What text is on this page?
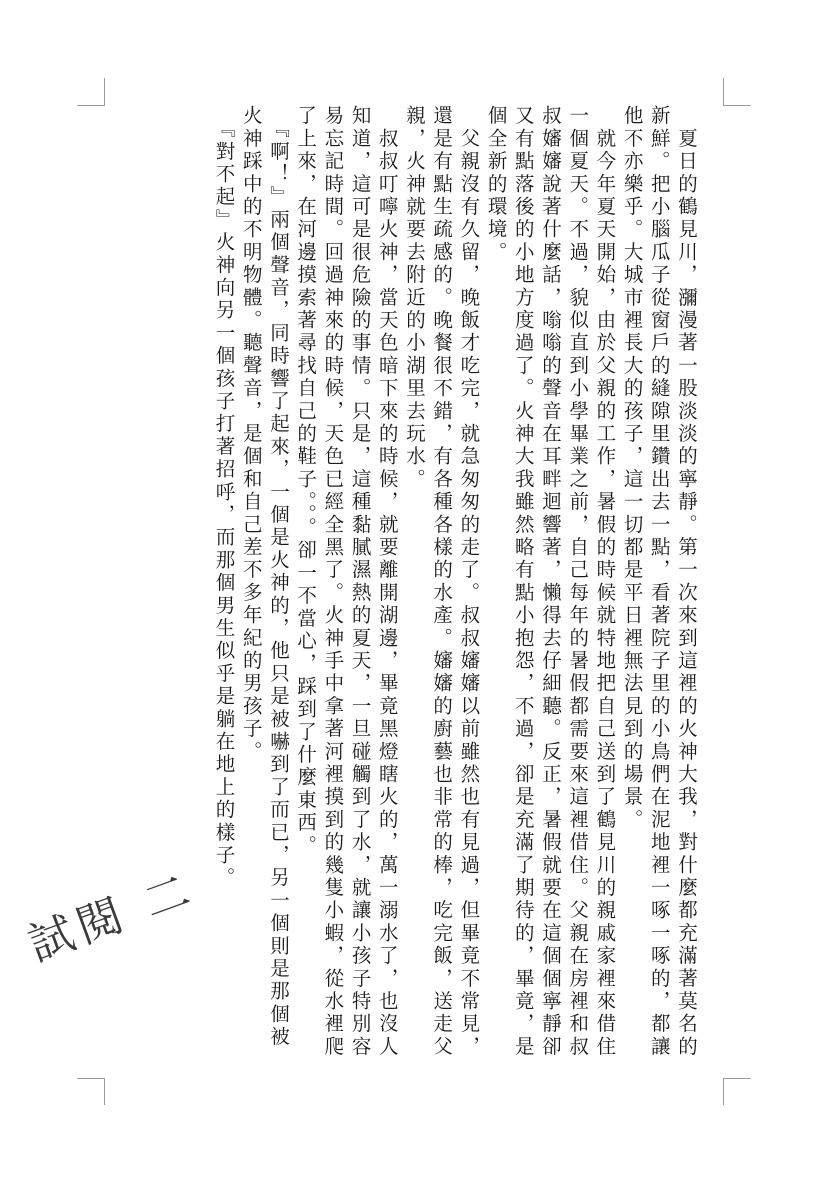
　夏日的鶴見川，瀰漫著一股淡淡的寧靜。第一次來到這裡的火神大我，對什麼都充滿著莫名的新鮮。把小腦瓜子從窗戶的縫隙里鑽出去一點，看著院子里的小鳥們在泥地裡一啄一啄的，都讓他不亦樂乎。大城市裡長大的孩子，這一切都是平日裡無法見到的場景。

　就今年夏天開始，由於父親的工作，暑假的時候就特地把自己送到了鶴見川的親戚家裡來借住一個夏天。不過，貌似直到小學畢業之前，自己每年的暑假都需要來這裡借住。父親在房裡和叔叔嬸嬸說著什麼話，嗡嗡的聲音在耳畔迴響著，懶得去仔細聽。反正，暑假就要在這個個寧靜卻又有點落後的小地方度過了。火神大我雖然略有點小抱怨，不過，卻是充滿了期待的，畢竟，是個全新的環境。

　父親沒有久留，晚飯才吃完，就急匆匆的走了。叔叔嬸嬸以前雖然也有見過，但畢竟不常見，還是有點生疏感的。晚餐很不錯，有各種各樣的水產。嬸嬸的廚藝也非常的棒，吃完飯，送走父親，火神就要去附近的小湖里去玩水。

　叔叔叮嚀火神，當天色暗下來的時候，就要離開湖邊，畢竟黑燈瞎火的，萬一溺水了，也沒人知道，這可是很危險的事情。只是，這種黏膩濕熱的夏天，一旦碰觸到了水，就讓小孩子特別容易忘記時間。回過神來的時候，天色已經全黑了。火神手中拿著河裡摸到的幾隻小蝦，從水裡爬了上來，在河邊摸索著尋找自己的鞋子。。。卻一不當心，踩到了什麼東西。

　『啊！』兩個聲音，同時響了起來，一個是火神的，他只是被嚇到了而已，另一個則是那個被火神踩中的不明物體。聽聲音，是個和自己差不多年紀的男孩子。

　『對不起』火神向另一個孩子打著招呼，而那個男生似乎是躺在地上的樣子。

試閱 二
